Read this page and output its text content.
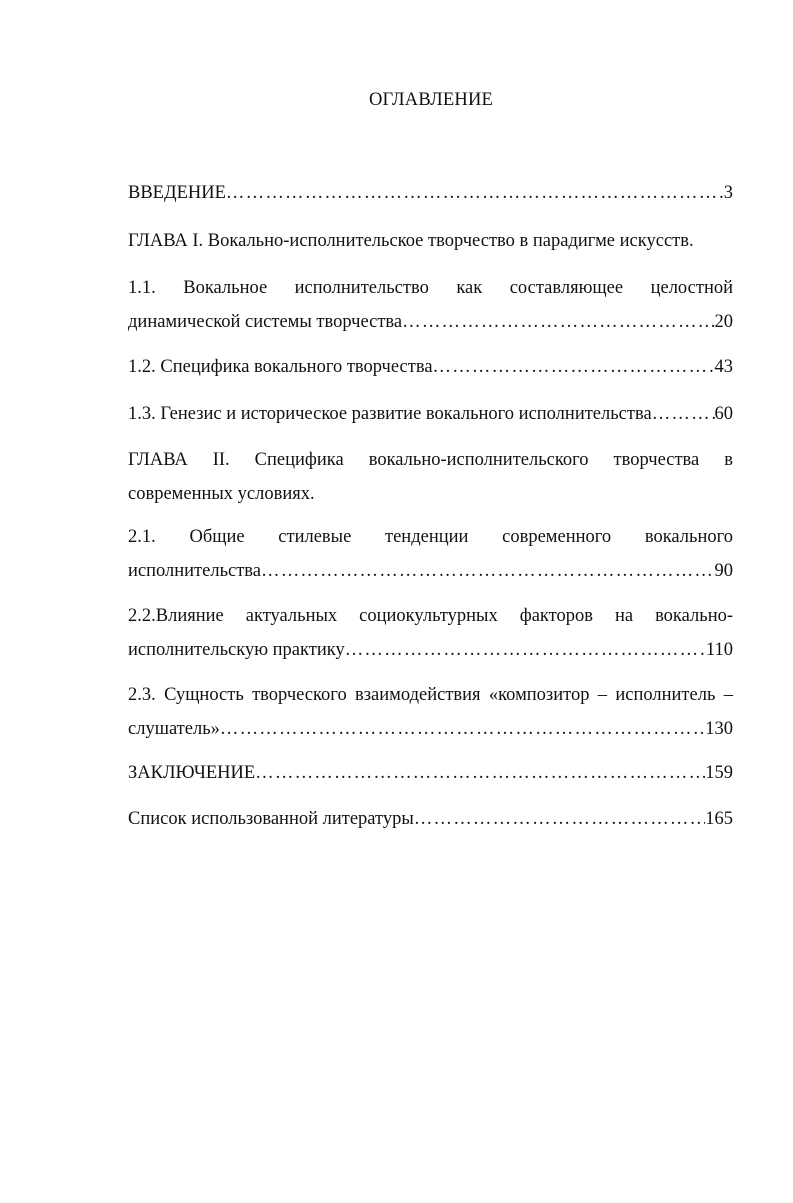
ОГЛАВЛЕНИЕ
ВВЕДЕНИЕ ………………………………………………………………………………………………………………………………………………	3
ГЛАВА I. Вокально-исполнительское творчество в парадигме искусств.
1.1. Вокальное исполнительство как составляющее целостной
динамической системы творчества ………………………………………………………………………………………………………………………………………………	20
1.2. Специфика вокального творчества ………………………………………………………………………………………………………………………………………………	43
1.3. Генезис и историческое развитие вокального исполнительства ………………………………………………………………………………………………………………………………………………	60
ГЛАВА II. Специфика вокально-исполнительского творчества в
современных условиях.
2.1. Общие стилевые тенденции современного вокального
исполнительства ………………………………………………………………………………………………………………………………………………	90
2.2.Влияние актуальных социокультурных факторов на вокально-
исполнительскую практику ………………………………………………………………………………………………………………………………………………	110
2.3. Сущность творческого взаимодействия «композитор – исполнитель –
слушатель» ………………………………………………………………………………………………………………………………………………	130
ЗАКЛЮЧЕНИЕ ………………………………………………………………………………………………………………………………………………	159
Список использованной литературы ………………………………………………………………………………………………………………………………………………	165
